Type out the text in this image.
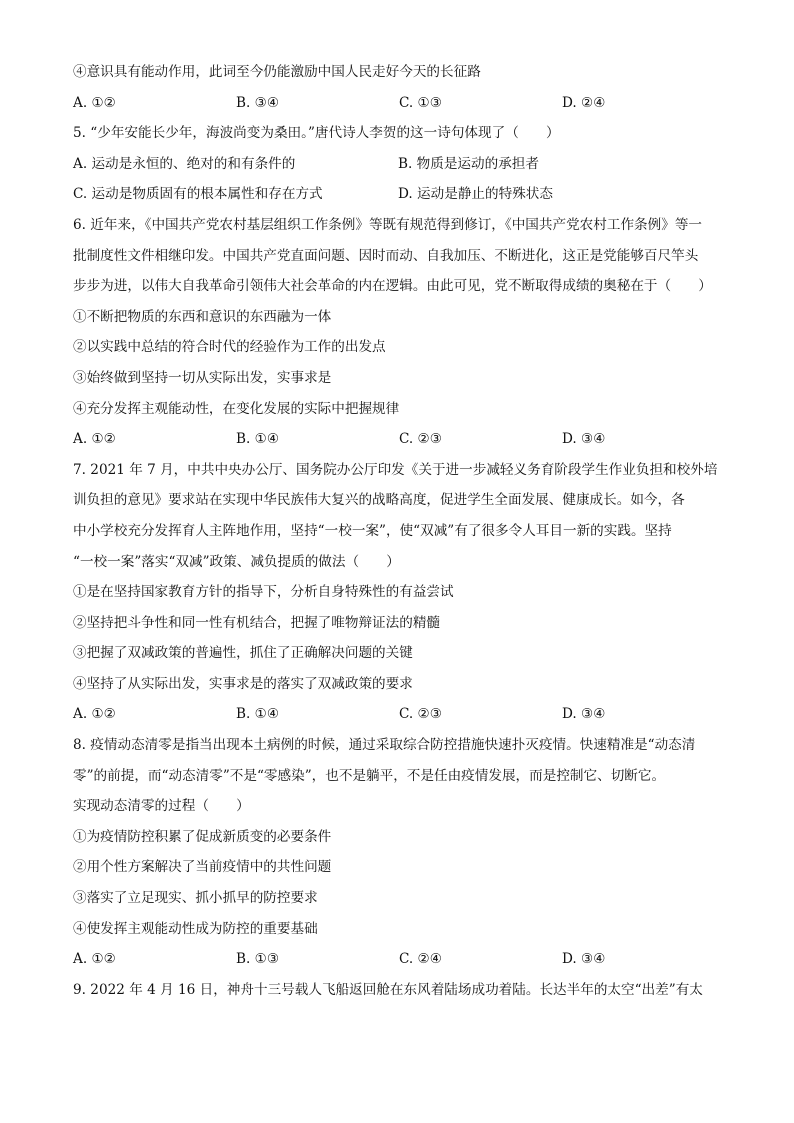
④意识具有能动作用，此词至今仍能激励中国人民走好今天的长征路

A. ①②	B. ③④	C. ①③	D. ②④

5. “少年安能长少年，海波尚变为桑田。”唐代诗人李贺的这一诗句体现了（　　）

A. 运动是永恒的、绝对的和有条件的	B. 物质是运动的承担者
C. 运动是物质固有的根本属性和存在方式	D. 运动是静止的特殊状态

6. 近年来，《中国共产党农村基层组织工作条例》等既有规范得到修订，《中国共产党农村工作条例》等一

批制度性文件相继印发。中国共产党直面问题、因时而动、自我加压、不断进化，这正是党能够百尺竿头

步步为进，以伟大自我革命引领伟大社会革命的内在逻辑。由此可见，党不断取得成绩的奥秘在于（　　）

①不断把物质的东西和意识的东西融为一体

②以实践中总结的符合时代的经验作为工作的出发点

③始终做到坚持一切从实际出发，实事求是

④充分发挥主观能动性，在变化发展的实际中把握规律

A. ①②	B. ①④	C. ②③	D. ③④

7. 2021 年 7 月，中共中央办公厅、国务院办公厅印发《关于进一步减轻义务育阶段学生作业负担和校外培

训负担的意见》要求站在实现中华民族伟大复兴的战略高度，促进学生全面发展、健康成长。如今，各

中小学校充分发挥育人主阵地作用，坚持“一校一案”，使“双减”有了很多令人耳目一新的实践。坚持

“一校一案”落实“双减”政策、减负提质的做法（　　）

①是在坚持国家教育方针的指导下，分析自身特殊性的有益尝试

②坚持把斗争性和同一性有机结合，把握了唯物辩证法的精髓

③把握了双减政策的普遍性，抓住了正确解决问题的关键

④坚持了从实际出发，实事求是的落实了双减政策的要求

A. ①②	B. ①④	C. ②③	D. ③④

8. 疫情动态清零是指当出现本土病例的时候，通过采取综合防控措施快速扑灭疫情。快速精准是“动态清

零”的前提，而“动态清零”不是“零感染”，也不是躺平，不是任由疫情发展，而是控制它、切断它。

实现动态清零的过程（　　）

①为疫情防控积累了促成新质变的必要条件

②用个性方案解决了当前疫情中的共性问题

③落实了立足现实、抓小抓早的防控要求

④使发挥主观能动性成为防控的重要基础

A. ①②	B. ①③	C. ②④	D. ③④

9. 2022 年 4 月 16 日，神舟十三号载人飞船返回舱在东风着陆场成功着陆。长达半年的太空“出差”有太
